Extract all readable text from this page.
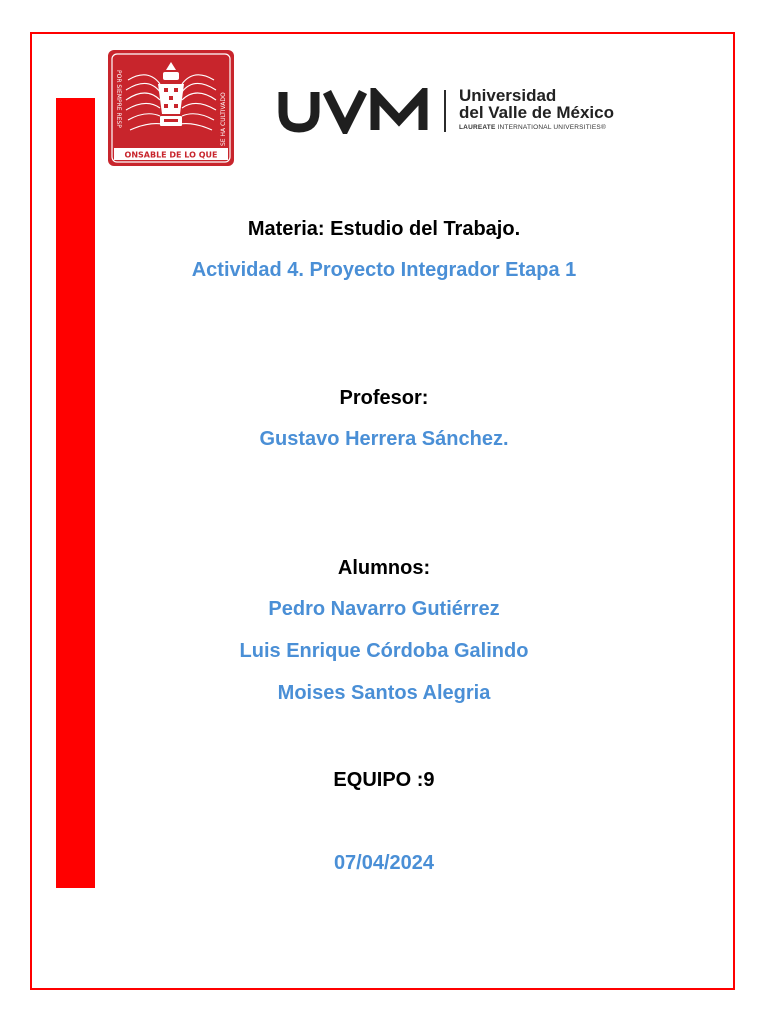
ONSABLE DE LO QUE
POR SIEMPRE RESP	SE HA CULTIVADO	Universidad
del Valle de México
LAUREATE INTERNATIONAL UNIVERSITIES®
Materia: Estudio del Trabajo.
Actividad 4. Proyecto Integrador Etapa 1
Profesor:
Gustavo Herrera Sánchez.
Alumnos:
Pedro Navarro Gutiérrez
Luis Enrique Córdoba Galindo
Moises Santos Alegria
EQUIPO :9
07/04/2024
